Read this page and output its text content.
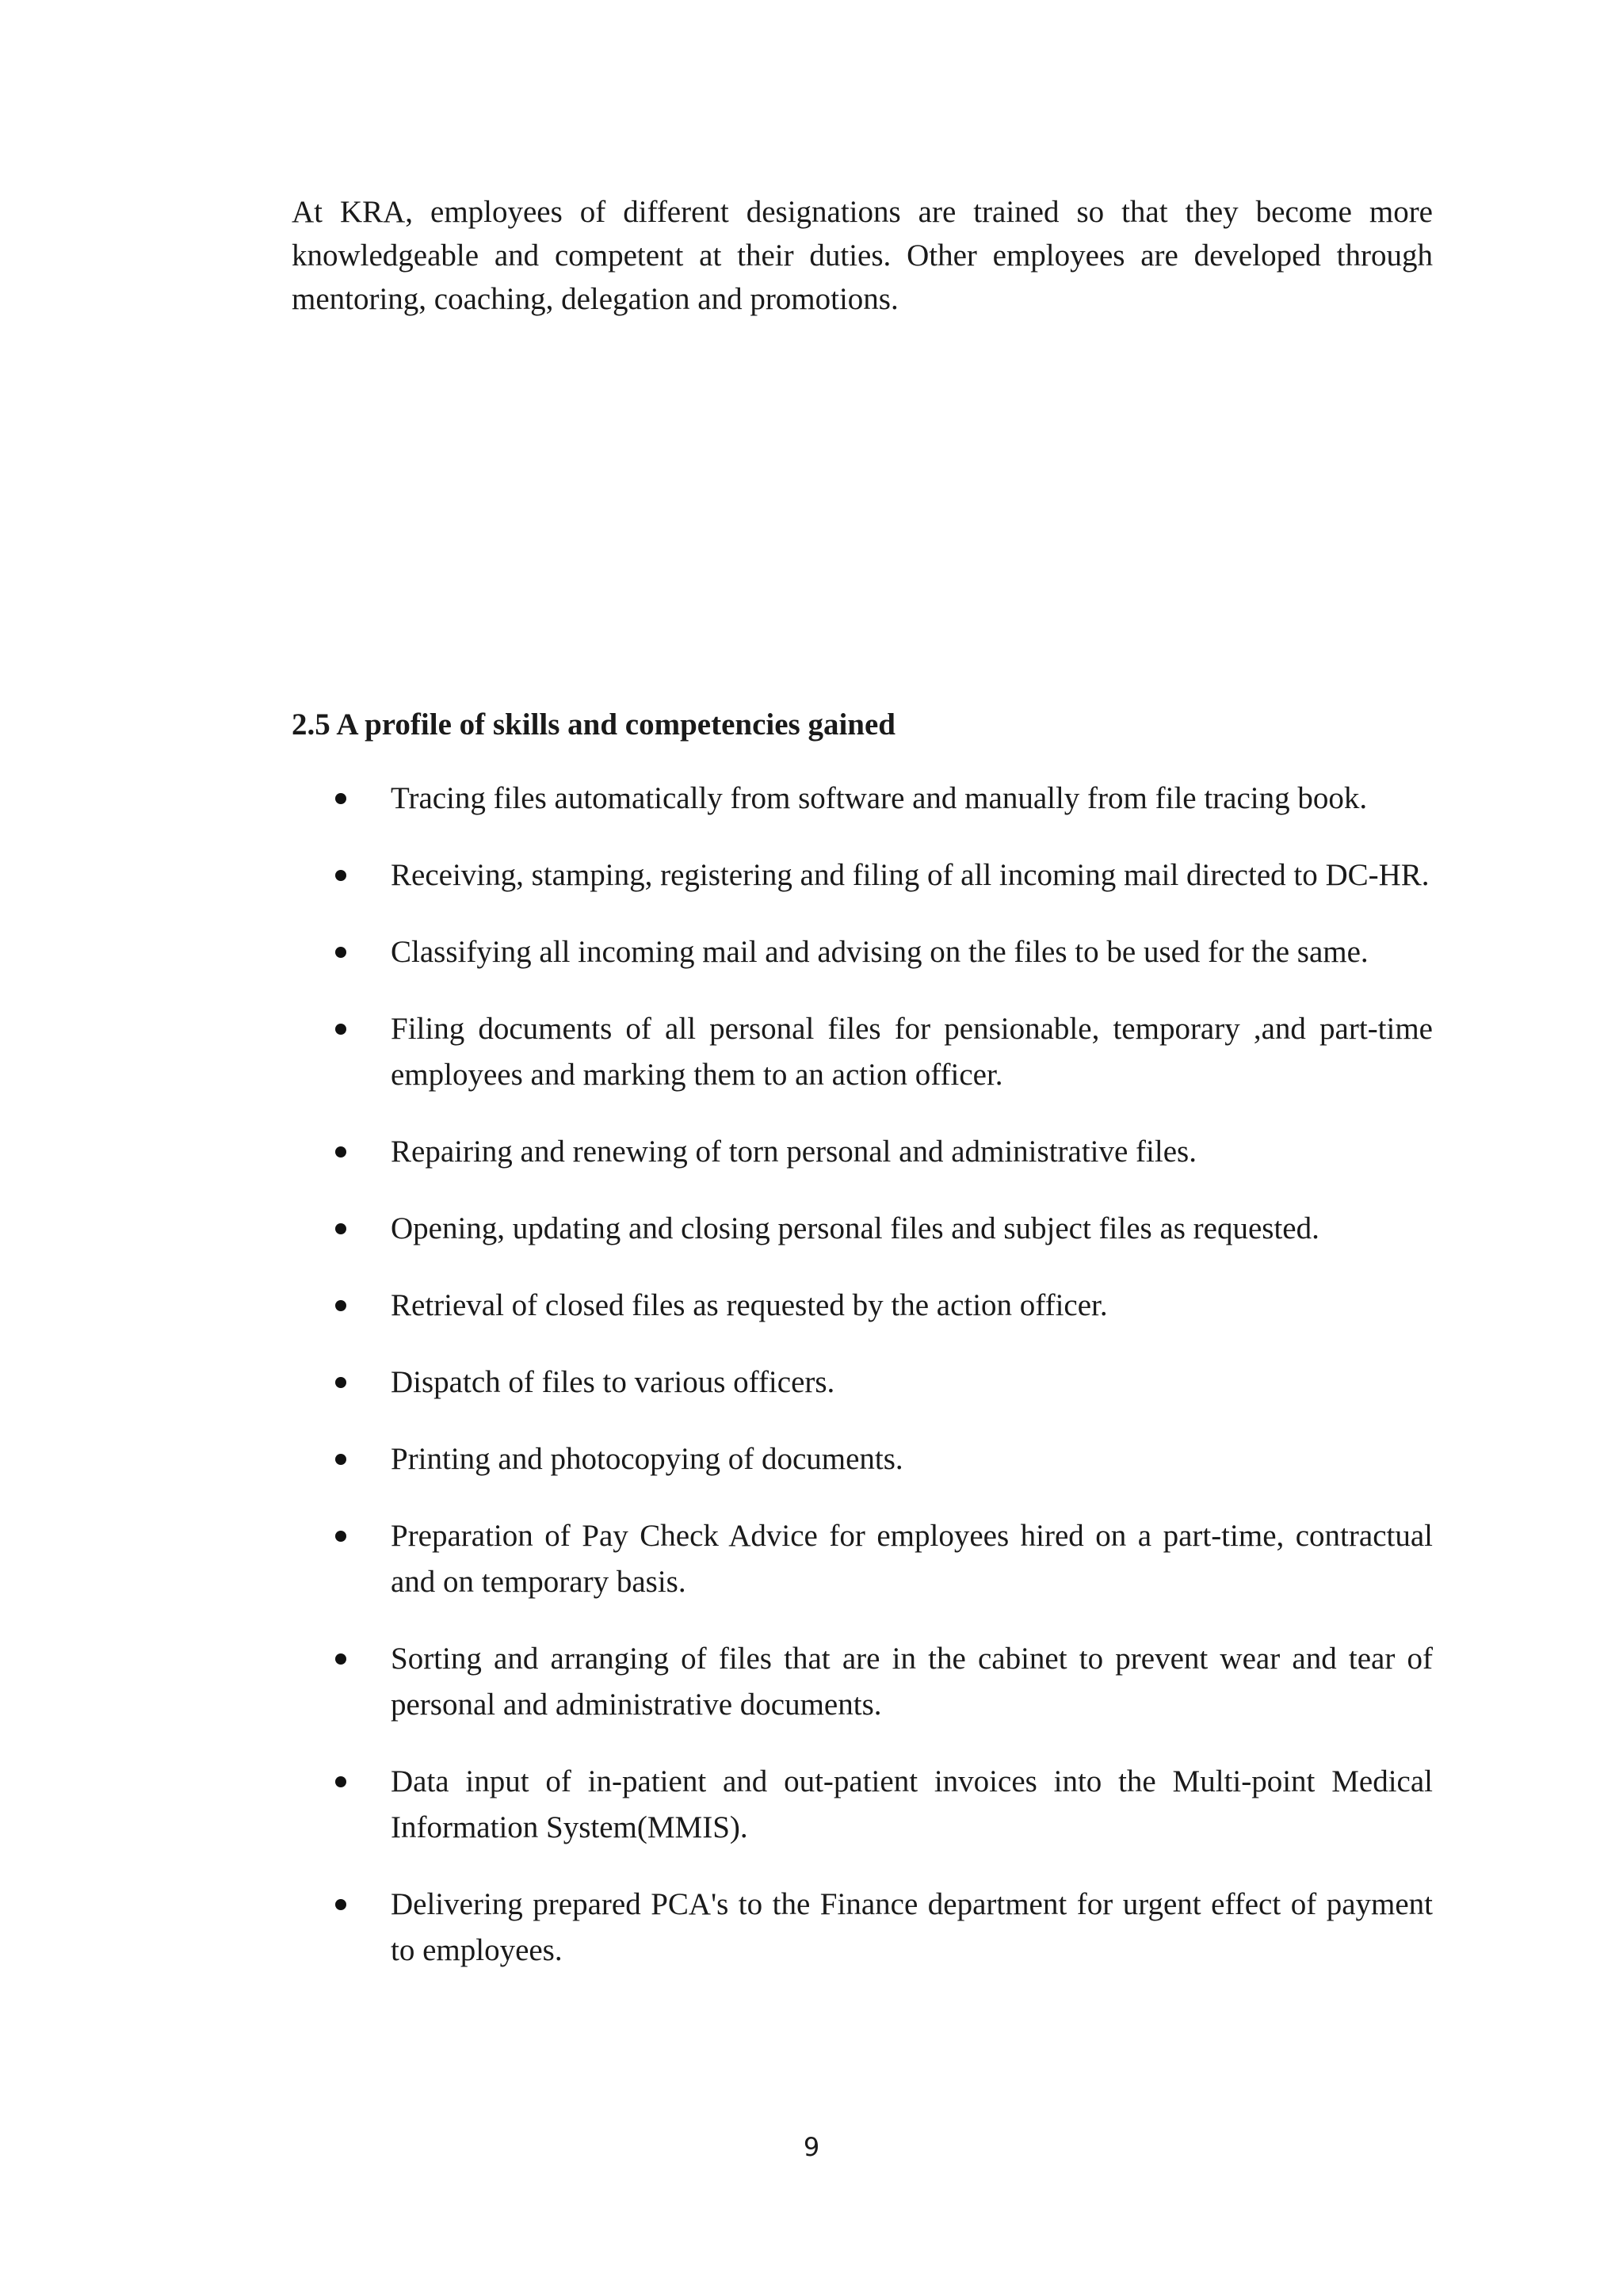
At KRA, employees of different designations are trained so that they become more knowledgeable and competent at their duties. Other employees are developed through mentoring, coaching, delegation and promotions.

2.5 A profile of skills and competencies gained
Tracing files automatically from software and manually from file tracing book.
Receiving, stamping, registering and filing of all incoming mail directed to DC-HR.
Classifying all incoming mail and advising on the files to be used for the same.
Filing documents of all personal files for pensionable, temporary ,and part-time employees and marking them to an action officer.
Repairing and renewing of torn personal and administrative files.
Opening, updating and closing personal files and subject files as requested.
Retrieval of closed files as requested by the action officer.
Dispatch of files to various officers.
Printing and photocopying of documents.
Preparation of Pay Check Advice for employees hired on a part-time, contractual and on temporary basis.
Sorting and arranging of files that are in the cabinet to prevent wear and tear of personal and administrative documents.
Data input of in-patient and out-patient invoices into the Multi-point Medical Information System(MMIS).
Delivering prepared PCA's to the Finance department for urgent effect of payment to employees.
9
